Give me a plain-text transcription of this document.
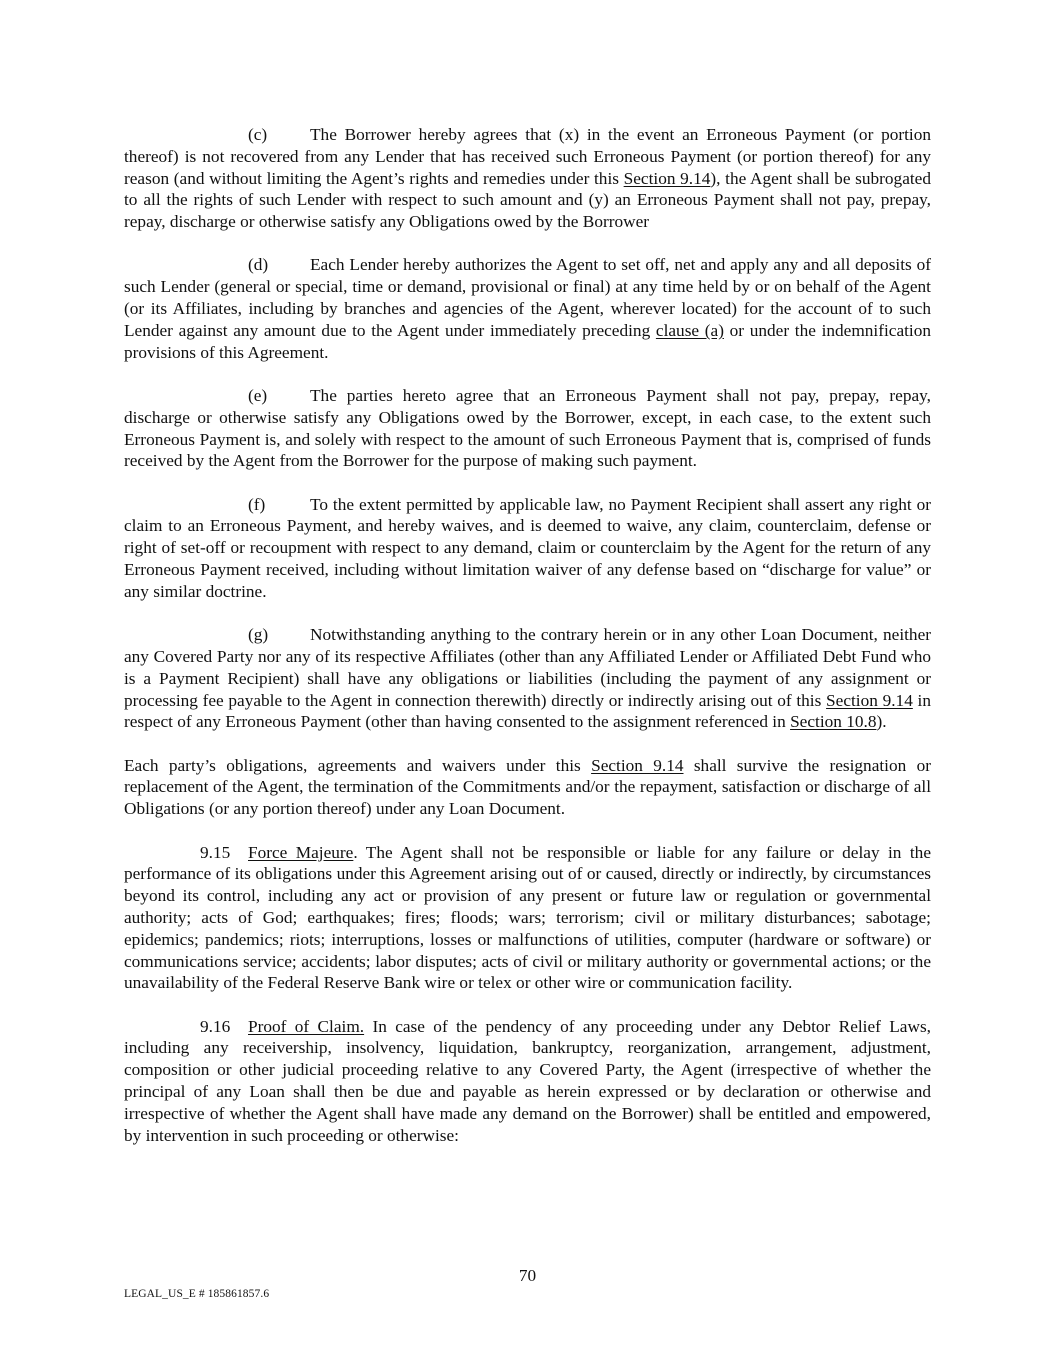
(c) The Borrower hereby agrees that (x) in the event an Erroneous Payment (or portion thereof) is not recovered from any Lender that has received such Erroneous Payment (or portion thereof) for any reason (and without limiting the Agent’s rights and remedies under this Section 9.14), the Agent shall be subrogated to all the rights of such Lender with respect to such amount and (y) an Erroneous Payment shall not pay, prepay, repay, discharge or otherwise satisfy any Obligations owed by the Borrower

(d) Each Lender hereby authorizes the Agent to set off, net and apply any and all deposits of such Lender (general or special, time or demand, provisional or final) at any time held by or on behalf of the Agent (or its Affiliates, including by branches and agencies of the Agent, wherever located) for the account of to such Lender against any amount due to the Agent under immediately preceding clause (a) or under the indemnification provisions of this Agreement.

(e) The parties hereto agree that an Erroneous Payment shall not pay, prepay, repay, discharge or otherwise satisfy any Obligations owed by the Borrower, except, in each case, to the extent such Erroneous Payment is, and solely with respect to the amount of such Erroneous Payment that is, comprised of funds received by the Agent from the Borrower for the purpose of making such payment.

(f)	To the extent permitted by applicable law, no Payment Recipient shall assert any right or claim to an Erroneous Payment, and hereby waives, and is deemed to waive, any claim, counterclaim, defense or right of set-off or recoupment with respect to any demand, claim or counterclaim by the Agent for the return of any Erroneous Payment received, including without limitation waiver of any defense based on “discharge for value” or any similar doctrine.

(g) Notwithstanding anything to the contrary herein or in any other Loan Document, neither any Covered Party nor any of its respective Affiliates (other than any Affiliated Lender or Affiliated Debt Fund who is a Payment Recipient) shall have any obligations or liabilities (including the payment of any assignment or processing fee payable to the Agent in connection therewith) directly or indirectly arising out of this Section 9.14 in respect of any Erroneous Payment (other than having consented to the assignment referenced in Section 10.8).

Each party’s obligations, agreements and waivers under this Section 9.14 shall survive the resignation or replacement of the Agent, the termination of the Commitments and/or the repayment, satisfaction or discharge of all Obligations (or any portion thereof) under any Loan Document.

9.15 Force Majeure. The Agent shall not be responsible or liable for any failure or delay in the performance of its obligations under this Agreement arising out of or caused, directly or indirectly, by circumstances beyond its control, including any act or provision of any present or future law or regulation or governmental authority; acts of God; earthquakes; fires; floods; wars; terrorism; civil or military disturbances; sabotage; epidemics; pandemics; riots; interruptions, losses or malfunctions of utilities, computer (hardware or software) or communications service; accidents; labor disputes; acts of civil or military authority or governmental actions; or the unavailability of the Federal Reserve Bank wire or telex or other wire or communication facility.

9.16 Proof of Claim. In case of the pendency of any proceeding under any Debtor Relief Laws, including any receivership, insolvency, liquidation, bankruptcy, reorganization, arrangement, adjustment, composition or other judicial proceeding relative to any Covered Party, the Agent (irrespective of whether the principal of any Loan shall then be due and payable as herein expressed or by declaration or otherwise and irrespective of whether the Agent shall have made any demand on the Borrower) shall be entitled and empowered, by intervention in such proceeding or otherwise:

70
LEGAL_US_E # 185861857.6
